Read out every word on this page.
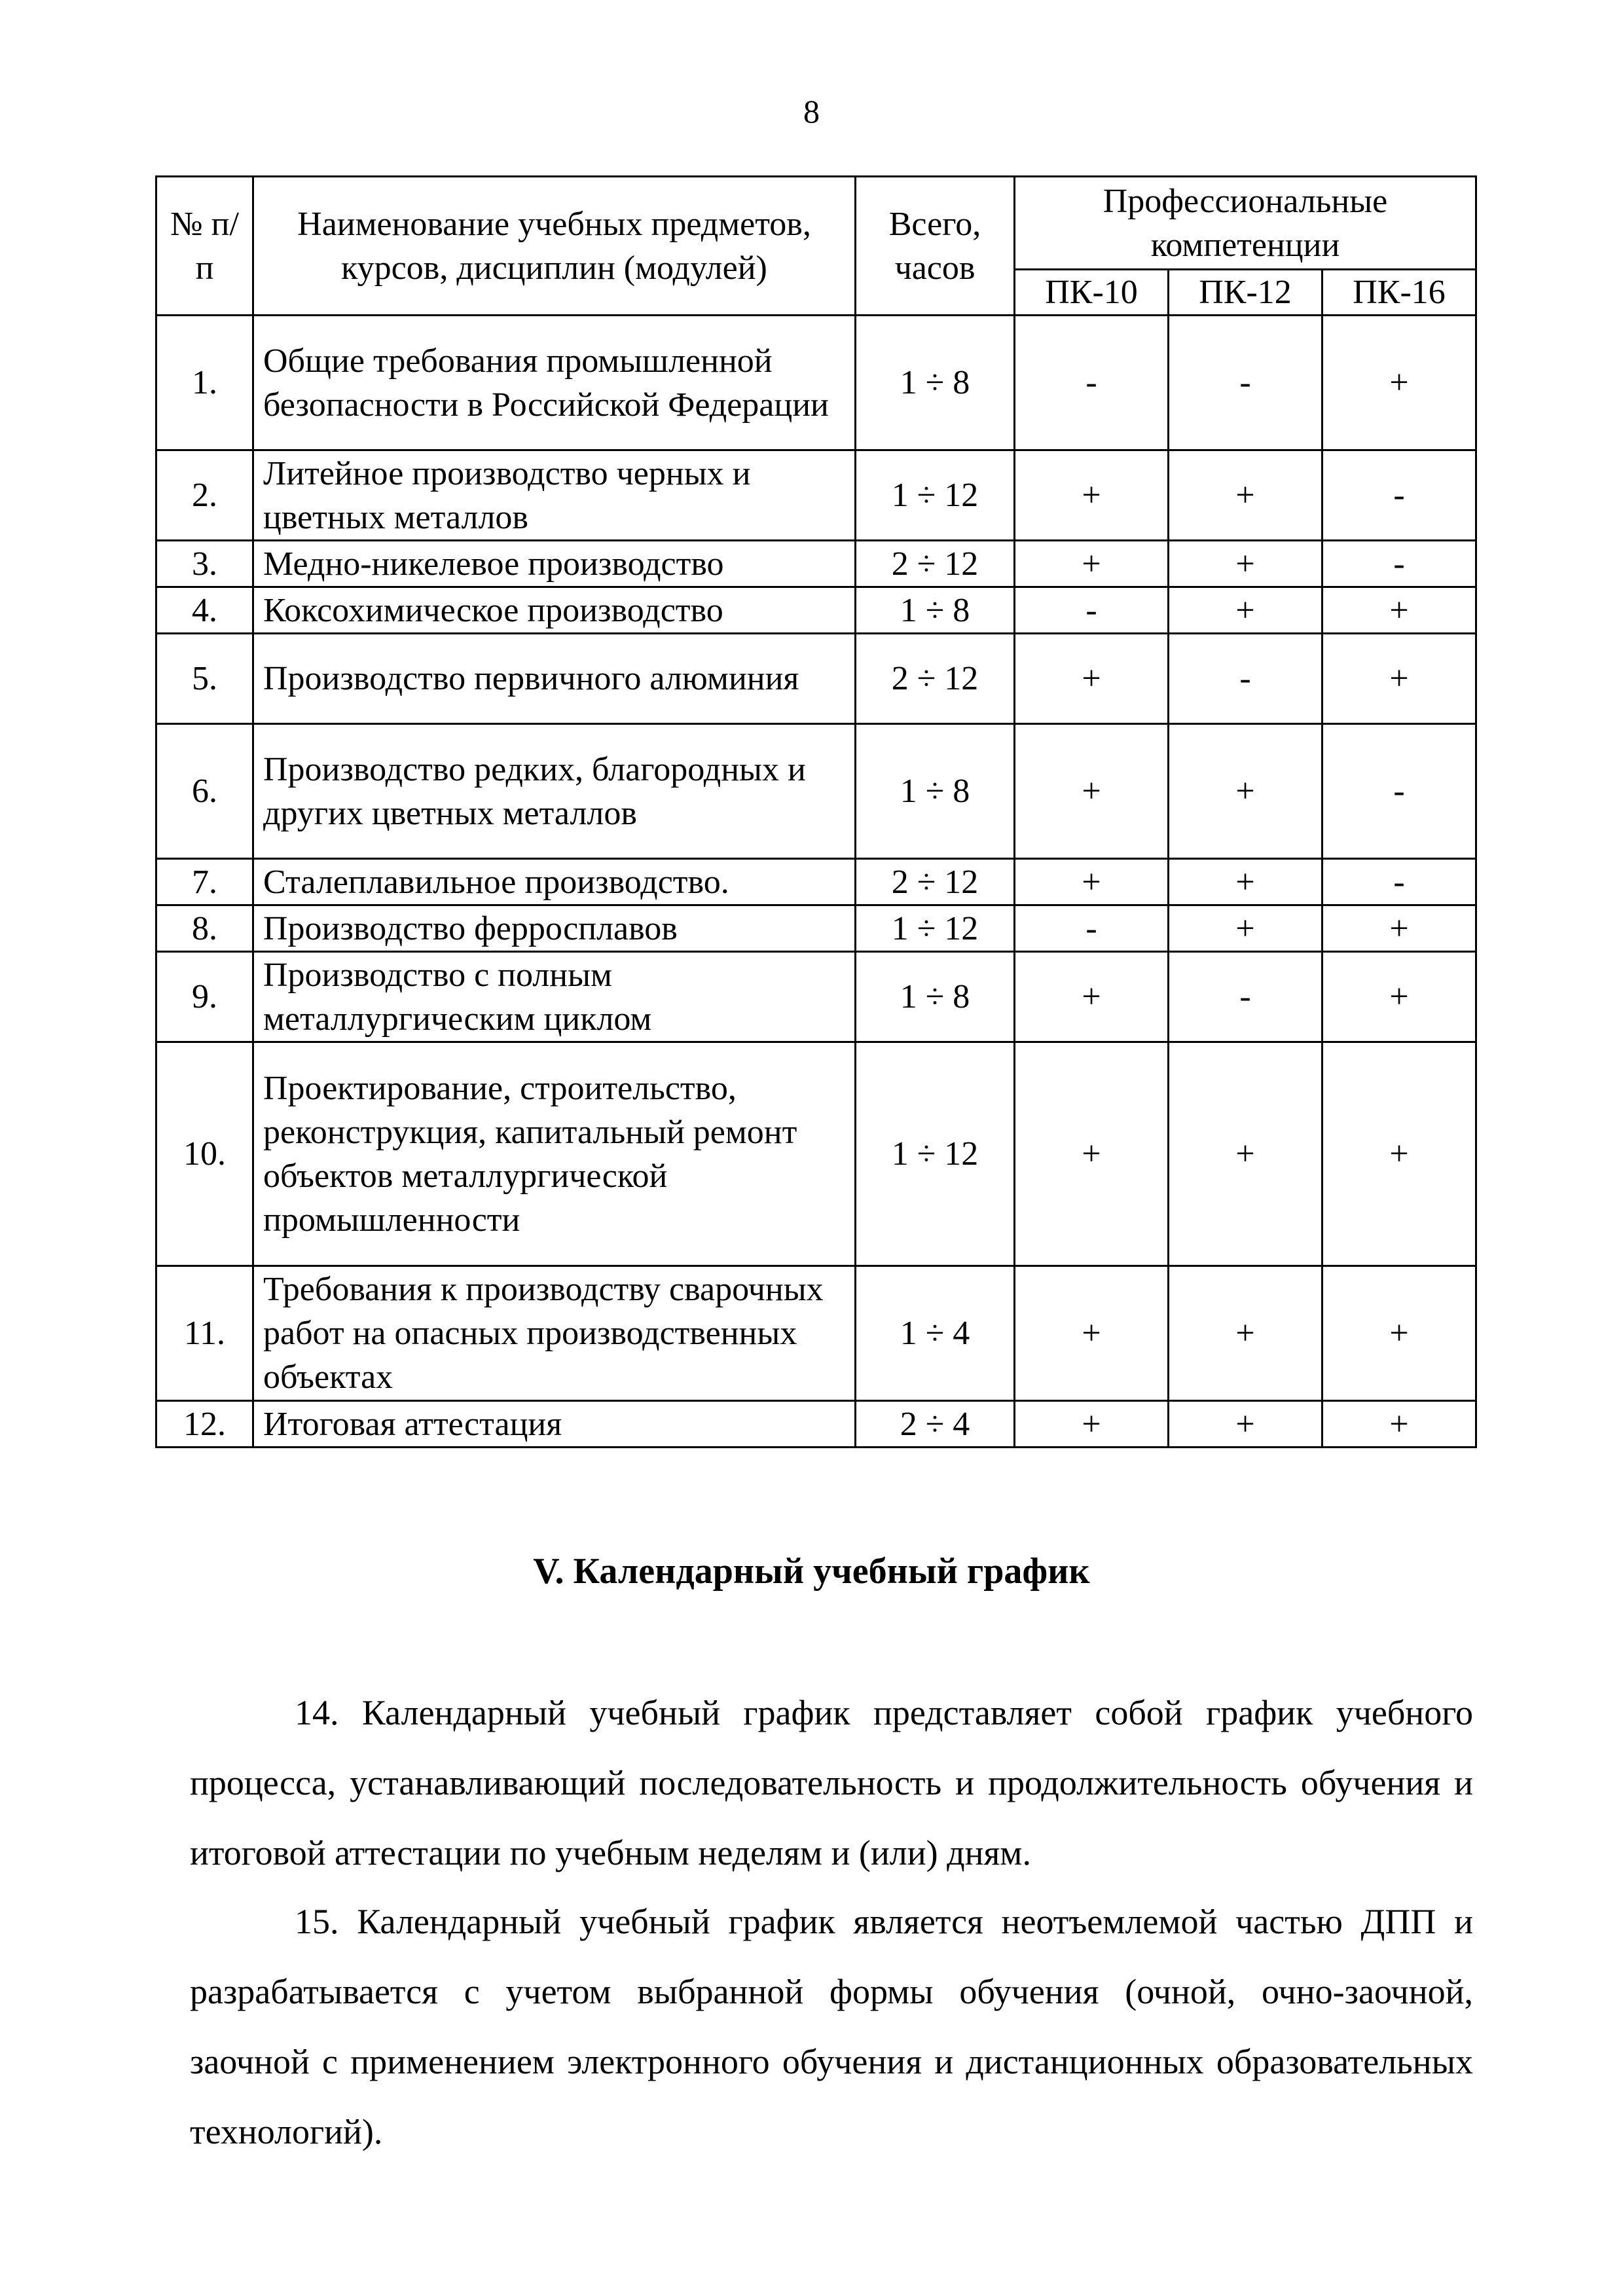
8
№ п/п	Наименование учебных предметов, курсов, дисциплин (модулей)	Всего, часов	Профессиональные компетенции		
			ПК-10	ПК-12	ПК-16
1.	Общие требования промышленной безопасности в Российской Федерации	1 ÷ 8	-	-	+
2.	Литейное производство черных и цветных металлов	1 ÷ 12	+	+	-
3.	Медно-никелевое производство	2 ÷ 12	+	+	-
4.	Коксохимическое производство	1 ÷ 8	-	+	+
5.	Производство первичного алюминия	2 ÷ 12	+	-	+
6.	Производство редких, благородных и других цветных металлов	1 ÷ 8	+	+	-
7.	Сталеплавильное производство.	2 ÷ 12	+	+	-
8.	Производство ферросплавов	1 ÷ 12	-	+	+
9.	Производство с полным металлургическим циклом	1 ÷ 8	+	-	+
10.	Проектирование, строительство, реконструкция, капитальный ремонт объектов металлургической промышленности	1 ÷ 12	+	+	+
11.	Требования к производству сварочных работ на опасных производственных объектах	1 ÷ 4	+	+	+
12.	Итоговая аттестация	2 ÷ 4	+	+	+
V. Календарный учебный график

14. Календарный учебный график представляет собой график учебного процесса, устанавливающий последовательность и продолжительность обучения и итоговой аттестации по учебным неделям и (или) дням.

15. Календарный учебный график является неотъемлемой частью ДПП и разрабатывается с учетом выбранной формы обучения (очной, очно-заочной, заочной с применением электронного обучения и дистанционных образовательных технологий).
